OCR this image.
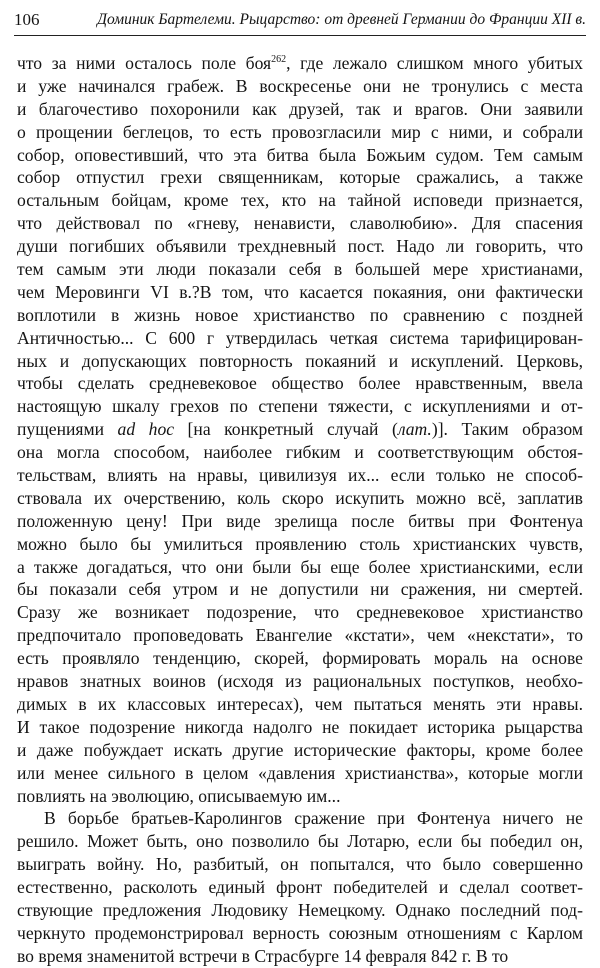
106	Доминик Бартелеми. Рыцарство: от древней Германии до Франции XII в.
что за ними осталось поле боя$^{262}$, где лежало слишком много убитых
и уже начинался грабеж. В воскресенье они не тронулись с места
и благочестиво похоронили как друзей, так и врагов. Они заявили
о прощении беглецов, то есть провозгласили мир с ними, и собрали
собор, оповестивший, что эта битва была Божьим судом. Тем самым
собор отпустил грехи священникам, которые сражались, а также
остальным бойцам, кроме тех, кто на тайной исповеди признается,
что действовал по «гневу, ненависти, славолюбию». Для спасения
души погибших объявили трехдневный пост. Надо ли говорить, что
тем самым эти люди показали себя в большей мере христианами,
чем Меровинги VI в.?В том, что касается покаяния, они фактически
воплотили в жизнь новое христианство по сравнению с поздней
Античностью... С 600 г утвердилась четкая система тарифицирован-
ных и допускающих повторность покаяний и искуплений. Церковь,
чтобы сделать средневековое общество более нравственным, ввела
настоящую шкалу грехов по степени тяжести, с искуплениями и от-
пущениями ad hoc [на конкретный случай (лат.)]. Таким образом
она могла способом, наиболее гибким и соответствующим обстоя-
тельствам, влиять на нравы, цивилизуя их... если только не способ-
ствовала их очерствению, коль скоро искупить можно всё, заплатив
положенную цену! При виде зрелища после битвы при Фонтенуа
можно было бы умилиться проявлению столь христианских чувств,
а также догадаться, что они были бы еще более христианскими, если
бы показали себя утром и не допустили ни сражения, ни смертей.
Сразу же возникает подозрение, что средневековое христианство
предпочитало проповедовать Евангелие «кстати», чем «некстати», то
есть проявляло тенденцию, скорей, формировать мораль на основе
нравов знатных воинов (исходя из рациональных поступков, необхо-
димых в их классовых интересах), чем пытаться менять эти нравы.
И такое подозрение никогда надолго не покидает историка рыцарства
и даже побуждает искать другие исторические факторы, кроме более
или менее сильного в целом «давления христианства», которые могли
повлиять на эволюцию, описываемую им...
В борьбе братьев-Каролингов сражение при Фонтенуа ничего не
решило. Может быть, оно позволило бы Лотарю, если бы победил он,
выиграть войну. Но, разбитый, он попытался, что было совершенно
естественно, расколоть единый фронт победителей и сделал соответ-
ствующие предложения Людовику Немецкому. Однако последний под-
черкнуто продемонстрировал верность союзным отношениям с Карлом
во время знаменитой встречи в Страсбурге 14 февраля 842 г. В то
